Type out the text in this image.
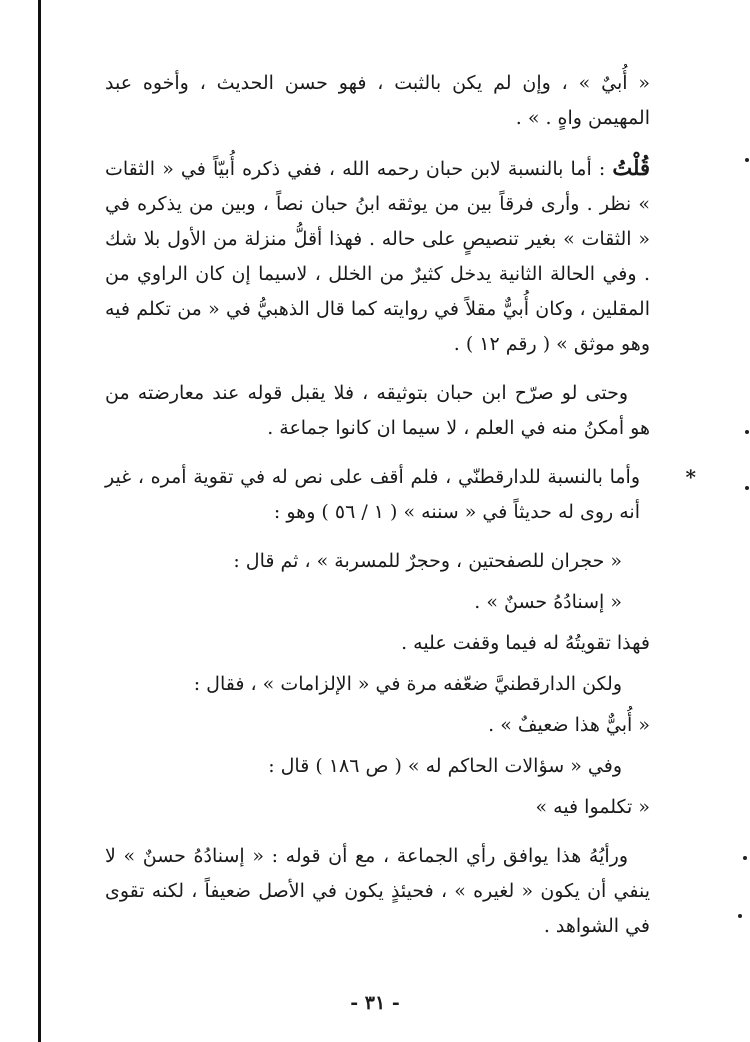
« أُبيٌ » ، وإن لم يكن بالثبت ، فهو حسن الحديث ، وأخوه عبد المهيمن واهٍ . » .

قُلْتُ : أما بالنسبة لابن حبان رحمه الله ، ففي ذكره أُبيّاً في « الثقات » نظر . وأرى فرقاً بين من يوثقه ابنُ حبان نصاً ، وبين من يذكره في « الثقات » بغير تنصيصٍ على حاله . فهذا أقلُّ منزلة من الأول بلا شك . وفي الحالة الثانية يدخل كثيرٌ من الخلل ، لاسيما إن كان الراوي من المقلين ، وكان أُبيٌّ مقلاً في روايته كما قال الذهبيُّ في « من تكلم فيه وهو موثق » ( رقم ١٢ ) .

وحتى لو صرّح ابن حبان بتوثيقه ، فلا يقبل قوله عند معارضته من هو أمكنُ منه في العلم ، لا سيما ان كانوا جماعة .

*
وأما بالنسبة للدارقطنّي ، فلم أقف على نص له في تقوية أمره ، غير أنه روى له حديثاً في « سننه » ( ١ / ٥٦ ) وهو :

« حجران للصفحتين ، وحجرٌ للمسربة » ، ثم قال :

« إسنادُهُ حسنٌ » .

فهذا تقويتُهُ له فيما وقفت عليه .

ولكن الدارقطنيَّ ضعّفه مرة في « الإلزامات » ، فقال :

« أُبيٌّ هذا ضعيفٌ » .

وفي « سؤالات الحاكم له » ( ص ١٨٦ ) قال :

« تكلموا فيه »

ورأيُهُ هذا يوافق رأي الجماعة ، مع أن قوله : « إسنادُهُ حسنٌ » لا ينفي أن يكون « لغيره » ، فحيئذٍ يكون في الأصل ضعيفاً ، لكنه تقوى في الشواهد .

- ٣١ -
